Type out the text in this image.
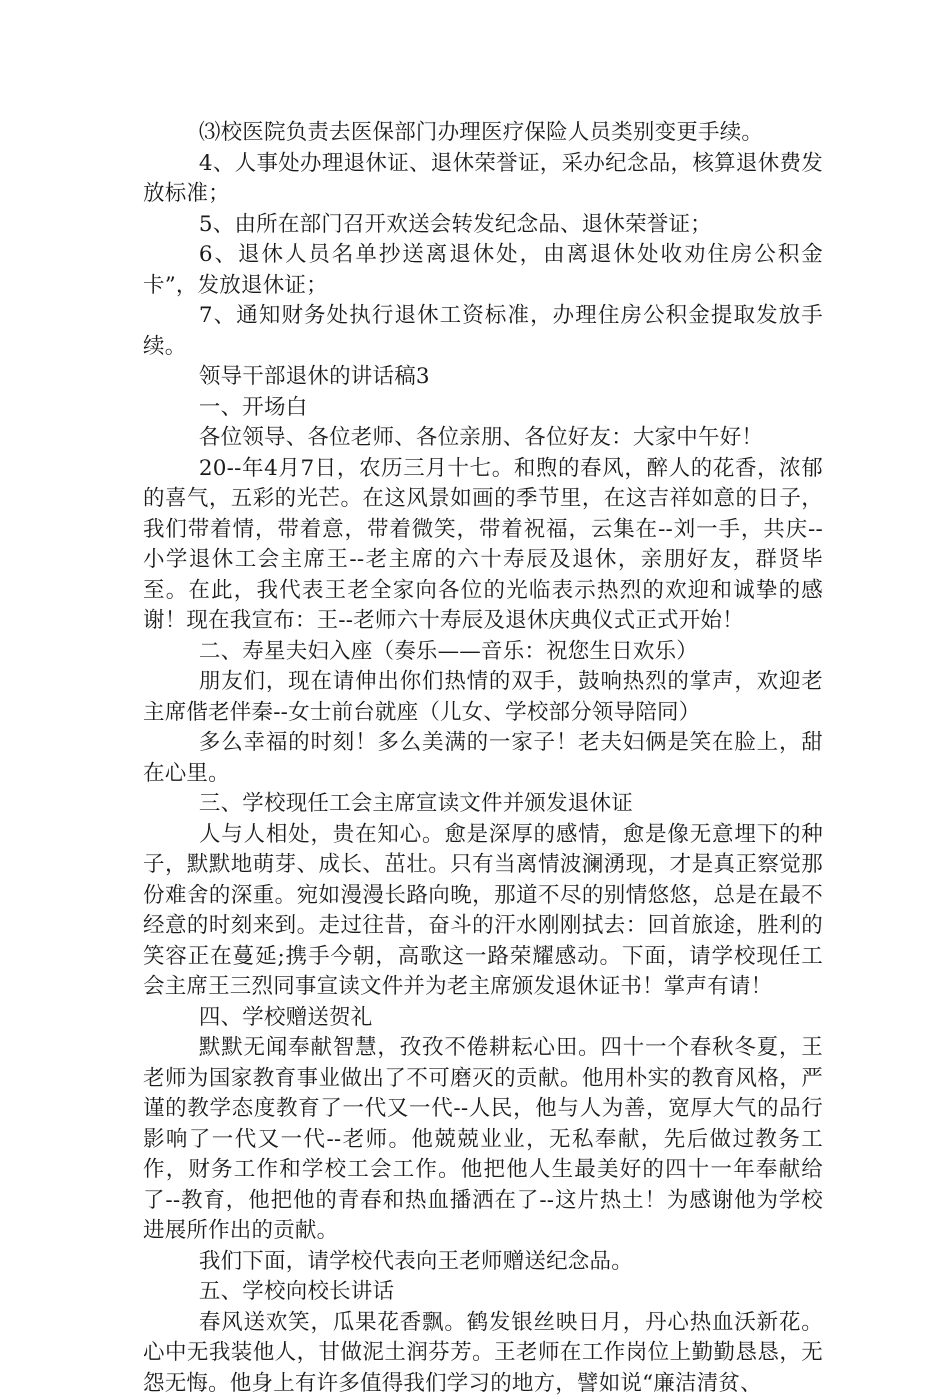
⑶校医院负责去医保部门办理医疗保险人员类别变更手续。

4、人事处办理退休证、退休荣誉证，采办纪念品，核算退休费发放标准；

5、由所在部门召开欢送会转发纪念品、退休荣誉证；

6、退休人员名单抄送离退休处，由离退休处收劝住房公积金卡”，发放退休证；

7、通知财务处执行退休工资标准，办理住房公积金提取发放手续。

领导干部退休的讲话稿3

一、开场白

各位领导、各位老师、各位亲朋、各位好友：大家中午好！

20--年4月7日，农历三月十七。和煦的春风，醉人的花香，浓郁的喜气，五彩的光芒。在这风景如画的季节里，在这吉祥如意的日子，我们带着情，带着意，带着微笑，带着祝福，云集在--刘一手，共庆--小学退休工会主席王--老主席的六十寿辰及退休，亲朋好友，群贤毕至。在此，我代表王老全家向各位的光临表示热烈的欢迎和诚挚的感谢！现在我宣布：王--老师六十寿辰及退休庆典仪式正式开始！

二、寿星夫妇入座（奏乐——音乐：祝您生日欢乐）

朋友们，现在请伸出你们热情的双手，鼓响热烈的掌声，欢迎老主席偕老伴秦--女士前台就座（儿女、学校部分领导陪同）

多么幸福的时刻！多么美满的一家子！老夫妇俩是笑在脸上，甜在心里。

三、学校现任工会主席宣读文件并颁发退休证

人与人相处，贵在知心。愈是深厚的感情，愈是像无意埋下的种子，默默地萌芽、成长、茁壮。只有当离情波澜湧现，才是真正察觉那份难舍的深重。宛如漫漫长路向晚，那道不尽的别情悠悠，总是在最不经意的时刻来到。走过往昔，奋斗的汗水刚刚拭去：回首旅途，胜利的笑容正在蔓延;携手今朝，高歌这一路荣耀感动。下面，请学校现任工会主席王三烈同事宣读文件并为老主席颁发退休证书！掌声有请！

四、学校赠送贺礼

默默无闻奉献智慧，孜孜不倦耕耘心田。四十一个春秋冬夏，王老师为国家教育事业做出了不可磨灭的贡献。他用朴实的教育风格，严谨的教学态度教育了一代又一代--人民，他与人为善，宽厚大气的品行影响了一代又一代--老师。他兢兢业业，无私奉献，先后做过教务工作，财务工作和学校工会工作。他把他人生最美好的四十一年奉献给了--教育，他把他的青春和热血播洒在了--这片热土！为感谢他为学校进展所作出的贡献。

我们下面，请学校代表向王老师赠送纪念品。

五、学校向校长讲话

春风送欢笑，瓜果花香飘。鹤发银丝映日月，丹心热血沃新花。心中无我装他人，甘做泥土润芬芳。王老师在工作岗位上勤勤恳恳，无怨无悔。他身上有许多值得我们学习的地方，譬如说“廉洁清贫、
